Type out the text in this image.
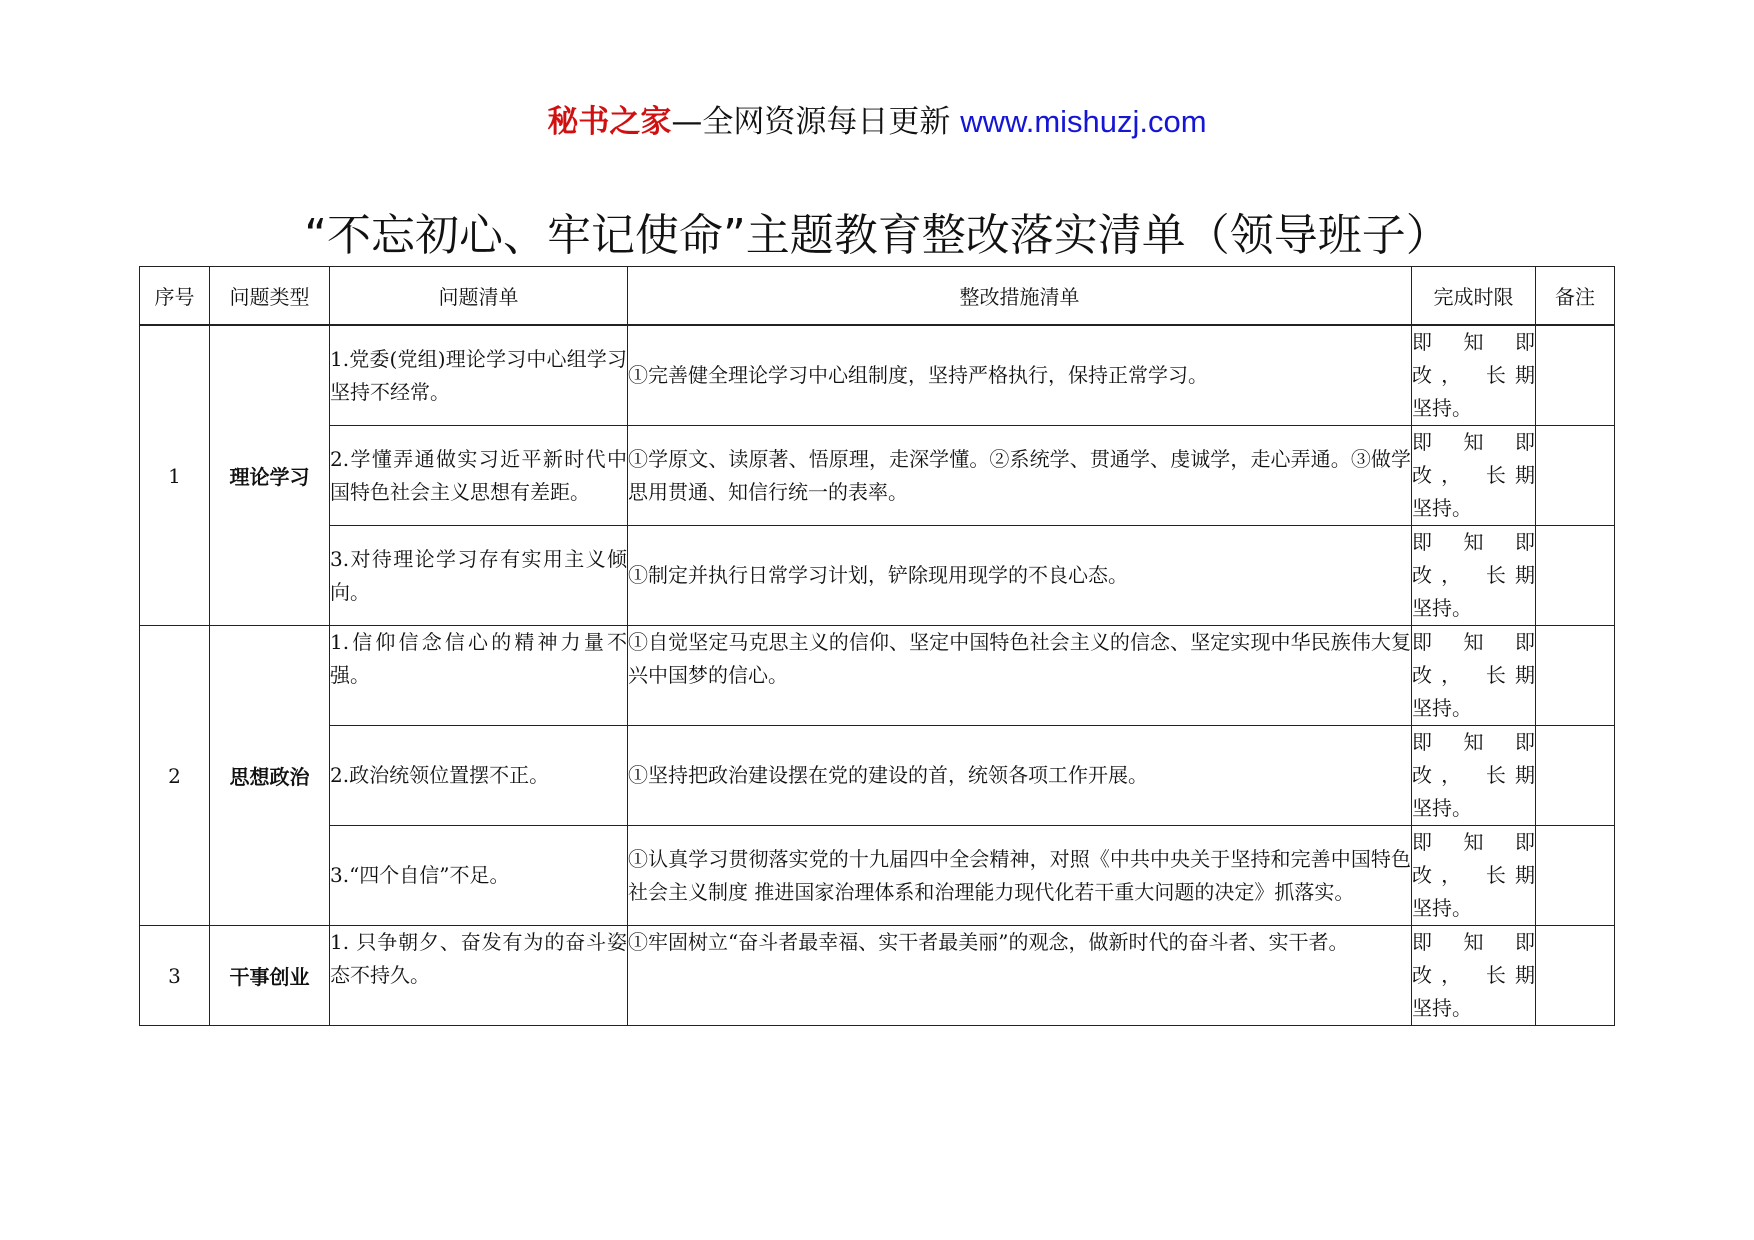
秘书之家—全网资源每日更新 www.mishuzj.com
“不忘初心、牢记使命”主题教育整改落实清单（领导班子）
序号	问题类型	问题清单	整改措施清单	完成时限	备注
1	理论学习	1.党委(党组)理论学习中心组学习坚持不经常。	①完善健全理论学习中心组制度，坚持严格执行，保持正常学习。	即 知 即
改， 长期
坚持。	

		2.学懂弄通做实习近平新时代中国特色社会主义思想有差距。	①学原文、读原著、悟原理，走深学懂。②系统学、贯通学、虔诚学，走心弄通。③做学思用贯通、知信行统一的表率。	即 知 即
改， 长期
坚持。	

		3.对待理论学习存有实用主义倾向。	①制定并执行日常学习计划，铲除现用现学的不良心态。	即 知 即
改， 长期
坚持。	

2	思想政治	1.信仰信念信心的精神力量不强。	①自觉坚定马克思主义的信仰、坚定中国特色社会主义的信念、坚定实现中华民族伟大复兴中国梦的信心。	即 知 即
改， 长期
坚持。	

		2.政治统领位置摆不正。	①坚持把政治建设摆在党的建设的首，统领各项工作开展。	即 知 即
改， 长期
坚持。	

		3.“四个自信”不足。	①认真学习贯彻落实党的十九届四中全会精神，对照《中共中央关于坚持和完善中国特色社会主义制度 推进国家治理体系和治理能力现代化若干重大问题的决定》抓落实。	即 知 即
改， 长期
坚持。	

3	干事创业	1. 只争朝夕、奋发有为的奋斗姿态不持久。	①牢固树立“奋斗者最幸福、实干者最美丽”的观念，做新时代的奋斗者、实干者。	即 知 即
改， 长期
坚持。	
